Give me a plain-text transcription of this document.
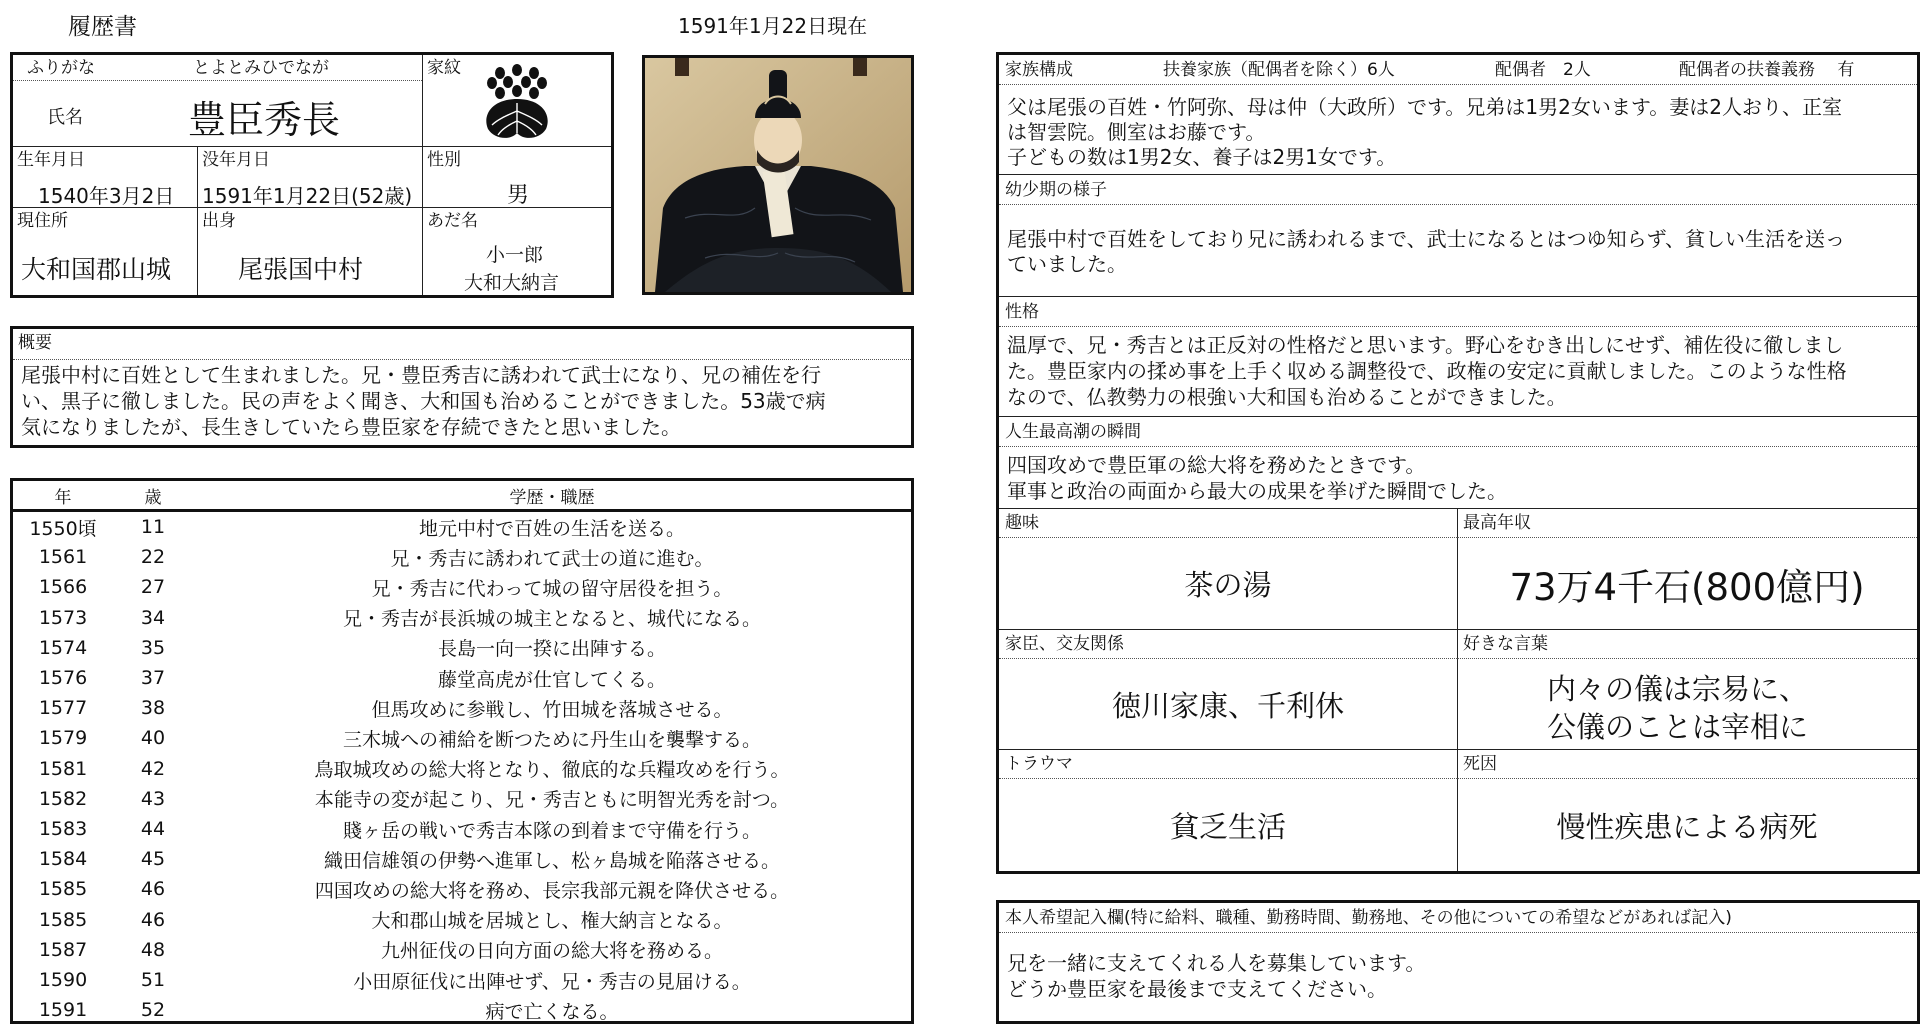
履歴書	1591年1月22日現在
ふりがな	とよとみひでなが
氏名	豊臣秀長
家紋
生年月日
1540年3月2日
没年月日
1591年1月22日(52歳)
性別
男
現住所
大和国郡山城
出身
尾張国中村
あだ名
小一郎
大和大納言
概要
尾張中村に百姓として生まれました。兄・豊臣秀吉に誘われて武士になり、兄の補佐を行
い、黒子に徹しました。民の声をよく聞き、大和国も治めることができました。53歳で病
気になりましたが、長生きしていたら豊臣家を存続できたと思いました。
年	歳	学歴・職歴
1550頃	11	地元中村で百姓の生活を送る。
1561	22	兄・秀吉に誘われて武士の道に進む。
1566	27	兄・秀吉に代わって城の留守居役を担う。
1573	34	兄・秀吉が長浜城の城主となると、城代になる。
1574	35	長島一向一揆に出陣する。
1576	37	藤堂高虎が仕官してくる。
1577	38	但馬攻めに参戦し、竹田城を落城させる。
1579	40	三木城への補給を断つために丹生山を襲撃する。
1581	42	鳥取城攻めの総大将となり、徹底的な兵糧攻めを行う。
1582	43	本能寺の変が起こり、兄・秀吉ともに明智光秀を討つ。
1583	44	賤ヶ岳の戦いで秀吉本隊の到着まで守備を行う。
1584	45	織田信雄領の伊勢へ進軍し、松ヶ島城を陥落させる。
1585	46	四国攻めの総大将を務め、長宗我部元親を降伏させる。
1585	46	大和郡山城を居城とし、権大納言となる。
1587	48	九州征伐の日向方面の総大将を務める。
1590	51	小田原征伐に出陣せず、兄・秀吉の見届ける。
1591	52	病で亡くなる。
家族構成	扶養家族（配偶者を除く）6人	配偶者　2人	配偶者の扶養義務　 有
父は尾張の百姓・竹阿弥、母は仲（大政所）です。兄弟は1男2女います。妻は2人おり、正室
は智雲院。側室はお藤です。
子どもの数は1男2女、養子は2男1女です。
幼少期の様子
尾張中村で百姓をしており兄に誘われるまで、武士になるとはつゆ知らず、貧しい生活を送っ
ていました。
性格
温厚で、兄・秀吉とは正反対の性格だと思います。野心をむき出しにせず、補佐役に徹しまし
た。豊臣家内の揉め事を上手く収める調整役で、政権の安定に貢献しました。このような性格
なので、仏教勢力の根強い大和国も治めることができました。
人生最高潮の瞬間
四国攻めで豊臣軍の総大将を務めたときです。
軍事と政治の両面から最大の成果を挙げた瞬間でした。
趣味
茶の湯
最高年収
73万4千石(800億円)
家臣、交友関係
徳川家康、千利休
好きな言葉
内々の儀は宗易に、
公儀のことは宰相に
トラウマ
貧乏生活
死因
慢性疾患による病死
本人希望記入欄(特に給料、職種、勤務時間、勤務地、その他についての希望などがあれば記入)
兄を一緒に支えてくれる人を募集しています。
どうか豊臣家を最後まで支えてください。
